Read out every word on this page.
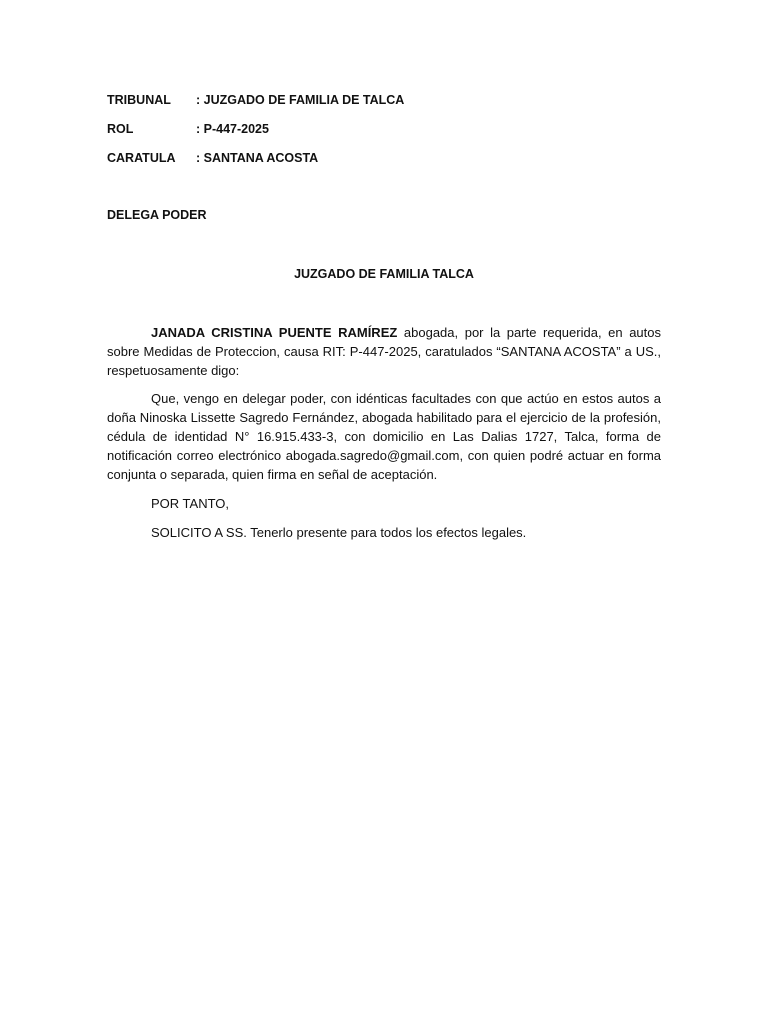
TRIBUNAL : JUZGADO DE FAMILIA DE TALCA
ROL	: P-447-2025
CARATULA : SANTANA ACOSTA
DELEGA PODER
JUZGADO DE FAMILIA TALCA

JANADA CRISTINA PUENTE RAMÍREZ abogada, por la parte requerida, en autos sobre Medidas de Proteccion, causa RIT: P-447-2025, caratulados “SANTANA ACOSTA” a US., respetuosamente digo:

Que, vengo en delegar poder, con idénticas facultades con que actúo en estos autos a doña Ninoska Lissette Sagredo Fernández, abogada habilitado para el ejercicio de la profesión, cédula de identidad N° 16.915.433-3, con domicilio en Las Dalias 1727, Talca, forma de notificación correo electrónico abogada.sagredo@gmail.com, con quien podré actuar en forma conjunta o separada, quien firma en señal de aceptación.

POR TANTO,
SOLICITO A SS. Tenerlo presente para todos los efectos legales.
